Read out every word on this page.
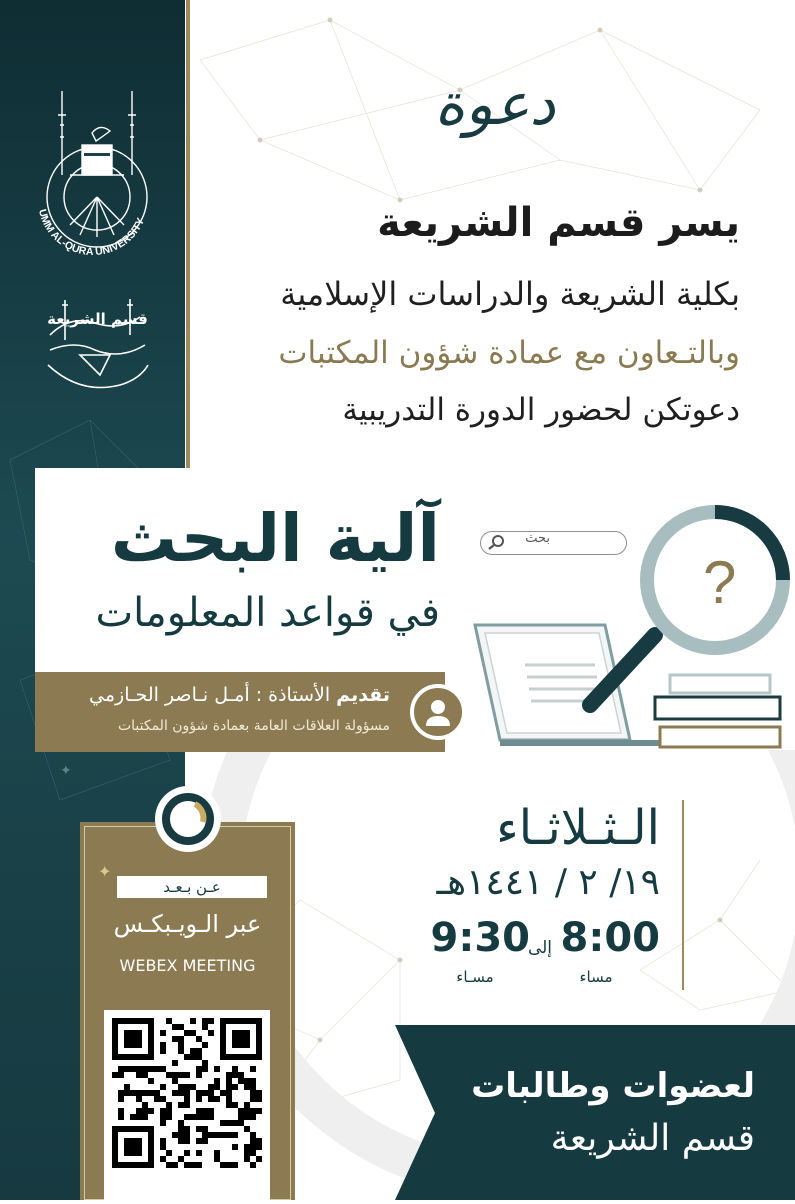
✦
UMM AL-QURA UNIVERSITY
قسم الشريعة
دعوة
يسر قسم الشريعة
بكلية الشريعة والدراسات الإسلامية
وبالتـعاون مع عمادة شؤون المكتبات
دعوتكن لحضور الدورة التدريبية
آلية البحث
في قواعد المعلومات	?
بحث
تقديم الأستاذة : أمـل نـاصر الحـازمي
مسؤولة العلاقات العامة بعمادة شؤون المكتبات
الـثـلاثـاء
١٩/ ٢ / ١٤٤١هـ
8:00
إلى
9:30
مساء
مسـاء
✦
عـن بـعـد
عبر الـويـبكـس
WEBEX MEETING
لعضوات وطالبات
قسم الشريعة
